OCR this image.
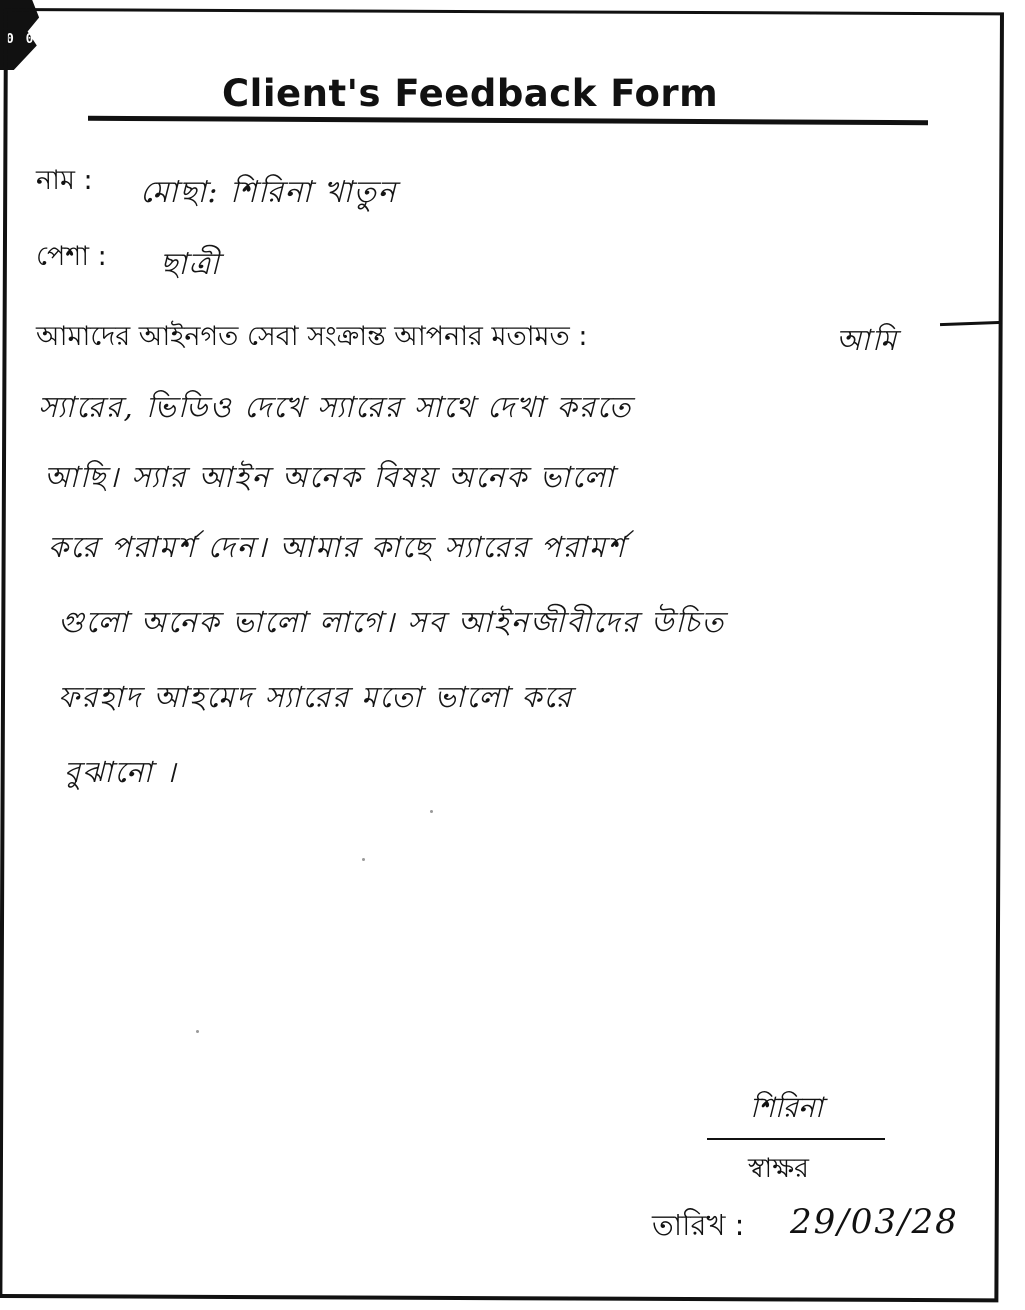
0 0
Client's Feedback Form
নাম : মোছা: শিরিনা খাতুন
পেশা : ছাত্রী
আমাদের আইনগত সেবা সংক্রান্ত আপনার মতামত :	আমি
স্যারের, ভিডিও দেখে স্যারের সাথে দেখা করতে
আছি। স্যার আইন অনেক বিষয় অনেক ভালো
করে পরামর্শ দেন। আমার কাছে স্যারের পরামর্শ
গুলো অনেক ভালো লাগে। সব আইনজীবীদের উচিত
ফরহাদ আহমেদ স্যারের মতো ভালো করে
বুঝানো ।
শিরিনা
স্বাক্ষর
তারিখ : 29/03/28
